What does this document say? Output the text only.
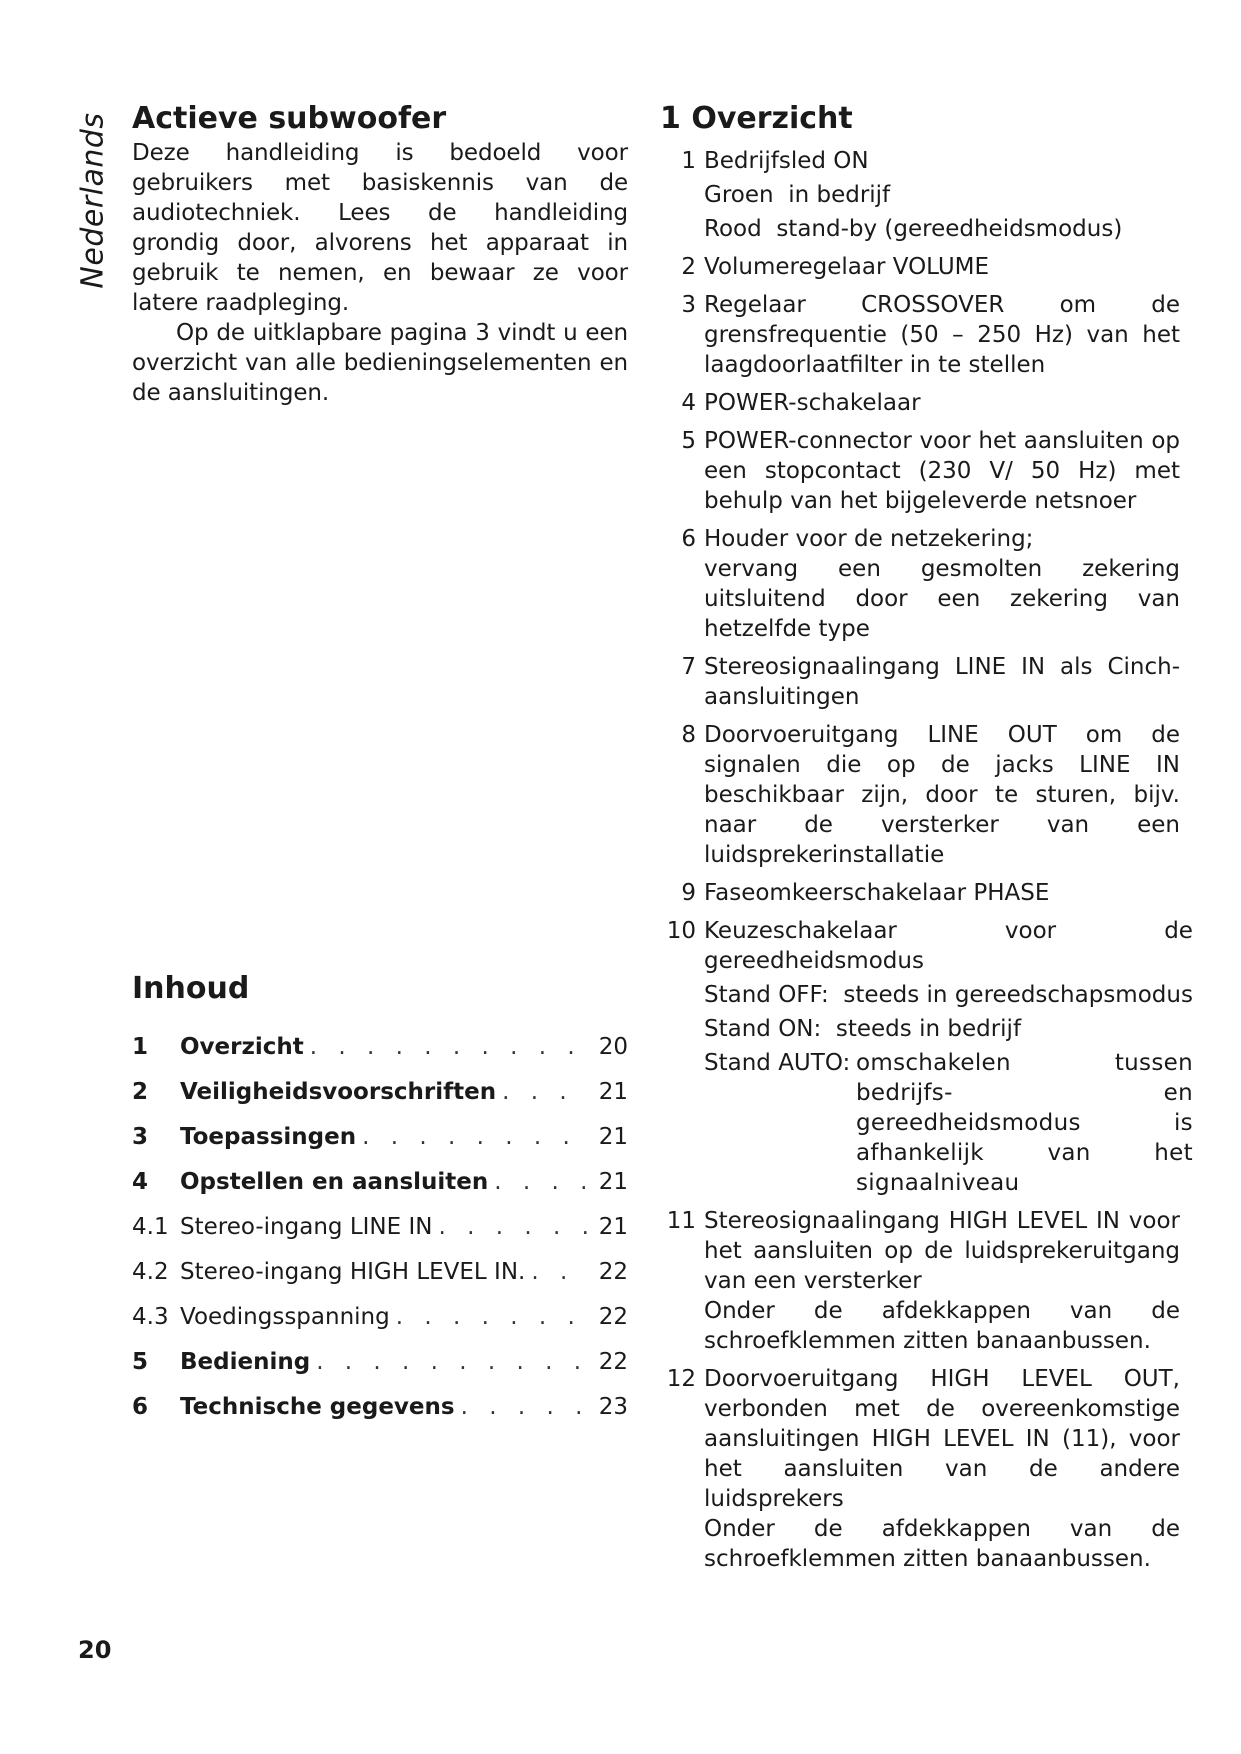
Nederlands Actieve subwoofer

Deze handleiding is bedoeld voor gebruikers met basiskennis van de audiotechniek. Lees de handleiding grondig door, alvorens het apparaat in gebruik te nemen, en bewaar ze voor latere raadpleging.

Op de uitklapbare pagina 3 vindt u een overzicht van alle bedieningselementen en de aansluitingen.

Inhoud
1	Overzicht . . .	20
2	Veiligheidsvoorschriften . . .	21
3	Toepassingen . . .	21
4	Opstellen en aansluiten . . .	21
4.1 Stereo-ingang LINE IN . . .	21
4.2 Stereo-ingang HIGH LEVEL IN. . . .	22
4.3 Voedingsspanning . . .	22
5	Bediening . . .	22
6	Technische gegevens . . .	23
1 Overzicht
1 Bedrijfsled ON
Groen  in bedrijf
Rood  stand-by (gereedheidsmodus)
2 Volumeregelaar VOLUME
3 Regelaar CROSSOVER om de grensfrequentie (50 – 250 Hz) van het laagdoorlaatfilter in te stellen
4 POWER-schakelaar
5 POWER-connector voor het aansluiten op een stopcontact (230 V/ 50 Hz) met behulp van het bijgeleverde netsnoer
6 Houder voor de netzekering;
vervang een gesmolten zekering uitsluitend door een zekering van hetzelfde type
7 Stereosignaalingang LINE IN als Cinch-aansluitingen
8 Doorvoeruitgang LINE OUT om de signalen die op de jacks LINE IN beschikbaar zijn, door te sturen, bijv. naar de versterker van een luidsprekerinstallatie
9 Faseomkeerschakelaar PHASE
10 Keuzeschakelaar voor de gereedheidsmodus
Stand OFF:  steeds in gereedschapsmodus
Stand ON:  steeds in bedrijf
Stand AUTO: omschakelen tussen bedrijfs- en gereedheidsmodus is afhankelijk van het signaalniveau
11 Stereosignaalingang HIGH LEVEL IN voor het aansluiten op de luidsprekeruitgang van een versterker
Onder de afdekkappen van de schroefklemmen zitten banaanbussen.
12 Doorvoeruitgang HIGH LEVEL OUT, verbonden met de overeenkomstige aansluitingen HIGH LEVEL IN (11), voor het aansluiten van de andere luidsprekers
Onder de afdekkappen van de schroefklemmen zitten banaanbussen.
20
